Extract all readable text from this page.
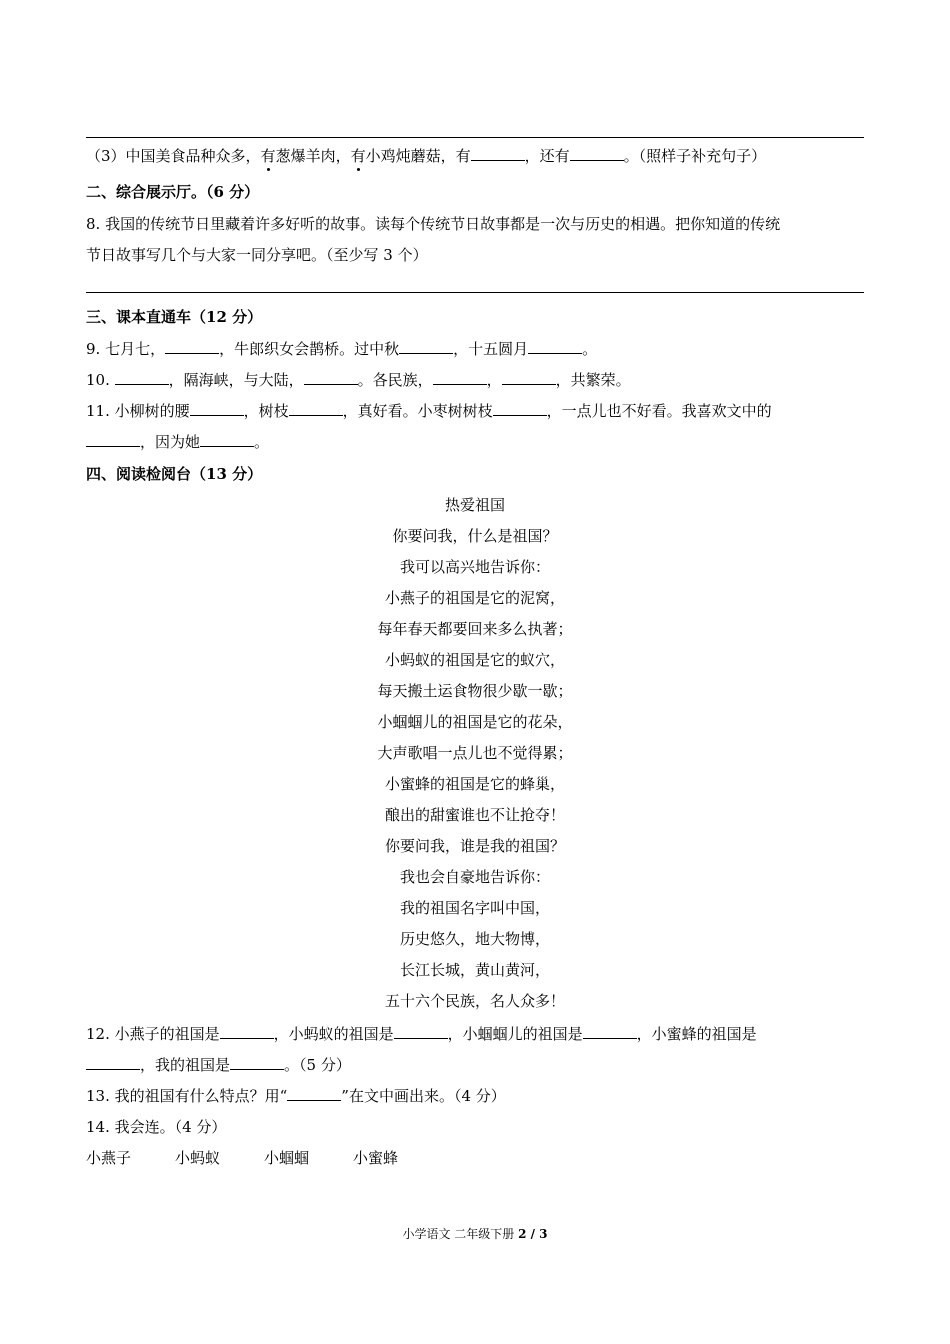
（3）中国美食品种众多，有葱爆羊肉，有小鸡炖蘑菇，有	，还有	。（照样子补充句子）
二、综合展示厅。（6 分）
8. 我国的传统节日里藏着许多好听的故事。读每个传统节日故事都是一次与历史的相遇。把你知道的传统
节日故事写几个与大家一同分享吧。（至少写 3 个）
三、课本直通车（12 分）
9. 七月七，	，牛郎织女会鹊桥。过中秋	，十五圆月	。
10.	，隔海峡，与大陆，	。各民族，	，	，共繁荣。
11. 小柳树的腰	，树枝	，真好看。小枣树树枝	，一点儿也不好看。我喜欢文中的
，因为她	。
四、阅读检阅台（13 分）
热爱祖国
你要问我，什么是祖国？
我可以高兴地告诉你：
小燕子的祖国是它的泥窝，
每年春天都要回来多么执著；
小蚂蚁的祖国是它的蚁穴，
每天搬土运食物很少歇一歇；
小蝈蝈儿的祖国是它的花朵，
大声歌唱一点儿也不觉得累；
小蜜蜂的祖国是它的蜂巢，
酿出的甜蜜谁也不让抢夺！
你要问我，谁是我的祖国？
我也会自豪地告诉你：
我的祖国名字叫中国，
历史悠久，地大物博，
长江长城，黄山黄河，
五十六个民族，名人众多！
12. 小燕子的祖国是	，小蚂蚁的祖国是	，小蝈蝈儿的祖国是	，小蜜蜂的祖国是
，我的祖国是	。（5 分）
13. 我的祖国有什么特点？用“	”在文中画出来。（4 分）
14. 我会连。（4 分）
小燕子	小蚂蚁	小蝈蝈	小蜜蜂
小学语文 二年级下册 2 / 3
